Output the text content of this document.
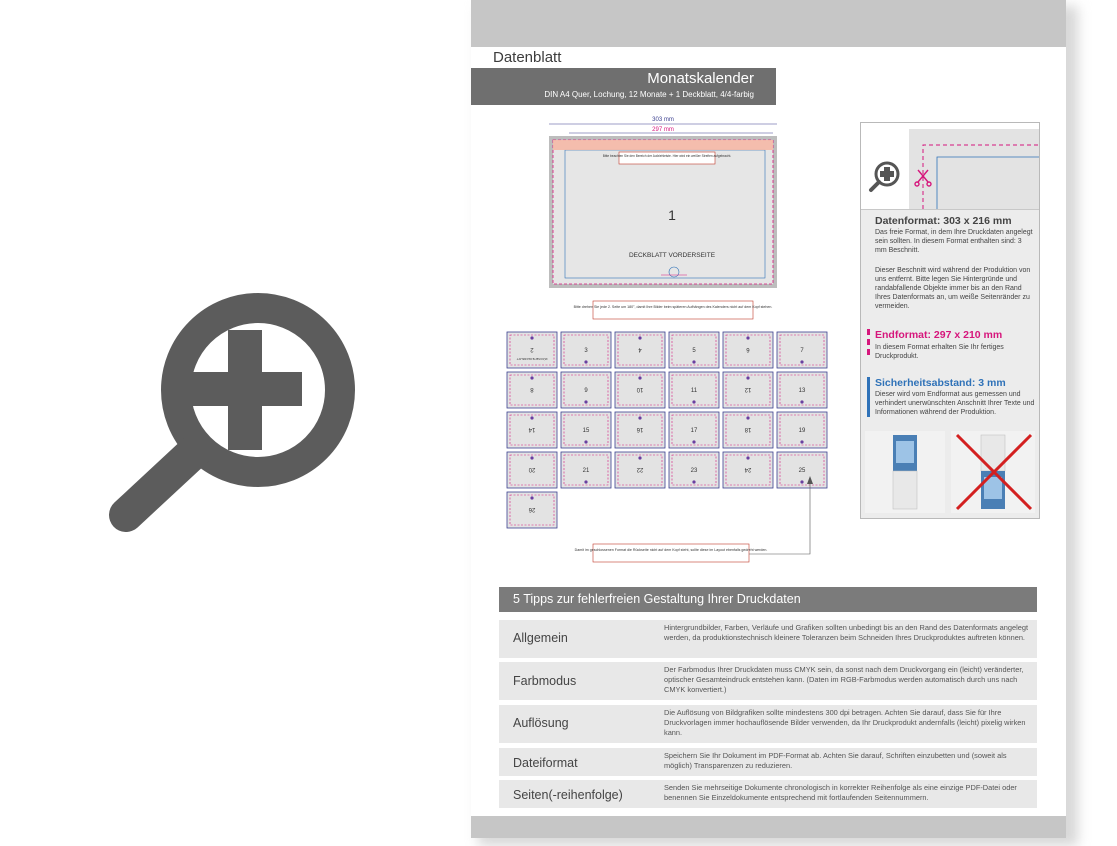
Datenblatt
Monatskalender
DIN A4 Quer, Lochung, 12 Monate + 1 Deckblatt, 4/4-farbig
303 mm
297 mm
Bitte beachten Sie den Bereich der Aufziehleiste. Hier wird ein weißer Streifen aufgebracht.
1
DECKBLATT VORDERSEITE
Bitte drehen Sie jede 2. Seite um 180°, damit Ihre Bilder beim späteren Aufhängen des Kalenders nicht auf dem Kopf stehen.
2
RÜCKSEITE DECKBLATT
3	4	5	6	7
8	9	10	11	12	13
14	15	16	17	18	19
20	21	22	23	24	25
26
Damit im geschlossenen Format die Rückseite nicht auf dem Kopf steht, sollte diese im Layout ebenfalls gedreht werden.
Datenformat: 303 x 216 mm
Das freie Format, in dem Ihre Druckdaten angelegt sein sollten. In diesem Format enthalten sind: 3 mm Beschnitt.
Dieser Beschnitt wird während der Produktion von uns entfernt. Bitte legen Sie Hintergründe und randabfallende Objekte immer bis an den Rand Ihres Datenformats an, um weiße Seitenränder zu vermeiden.
Endformat: 297 x 210 mm
In diesem Format erhalten Sie Ihr fertiges Druckprodukt.
Sicherheitsabstand: 3 mm
Dieser wird vom Endformat aus gemessen und verhindert unerwünschten Anschnitt Ihrer Texte und Informationen während der Produktion.
5 Tipps zur fehlerfreien Gestaltung Ihrer Druckdaten
Allgemein
Hintergrundbilder, Farben, Verläufe und Grafiken sollten unbedingt bis an den Rand des Datenformats angelegt werden, da produktionstechnisch kleinere Toleranzen beim Schneiden Ihres Druckproduktes auftreten können.
Farbmodus
Der Farbmodus Ihrer Druckdaten muss CMYK sein, da sonst nach dem Druckvorgang ein (leicht) veränderter, optischer Gesamteindruck entstehen kann. (Daten im RGB-Farbmodus werden automatisch durch uns nach CMYK konvertiert.)
Auflösung
Die Auflösung von Bildgrafiken sollte mindestens 300 dpi betragen. Achten Sie darauf, dass Sie für Ihre Druckvorlagen immer hochauflösende Bilder verwenden, da Ihr Druckprodukt andernfalls (leicht) pixelig wirken kann.
Dateiformat
Speichern Sie Ihr Dokument im PDF-Format ab. Achten Sie darauf, Schriften einzubetten und (soweit als möglich) Transparenzen zu reduzieren.
Seiten(-reihenfolge)
Senden Sie mehrseitige Dokumente chronologisch in korrekter Reihenfolge als eine einzige PDF-Datei oder benennen Sie Einzeldokumente entsprechend mit fortlaufenden Seitennummern.
